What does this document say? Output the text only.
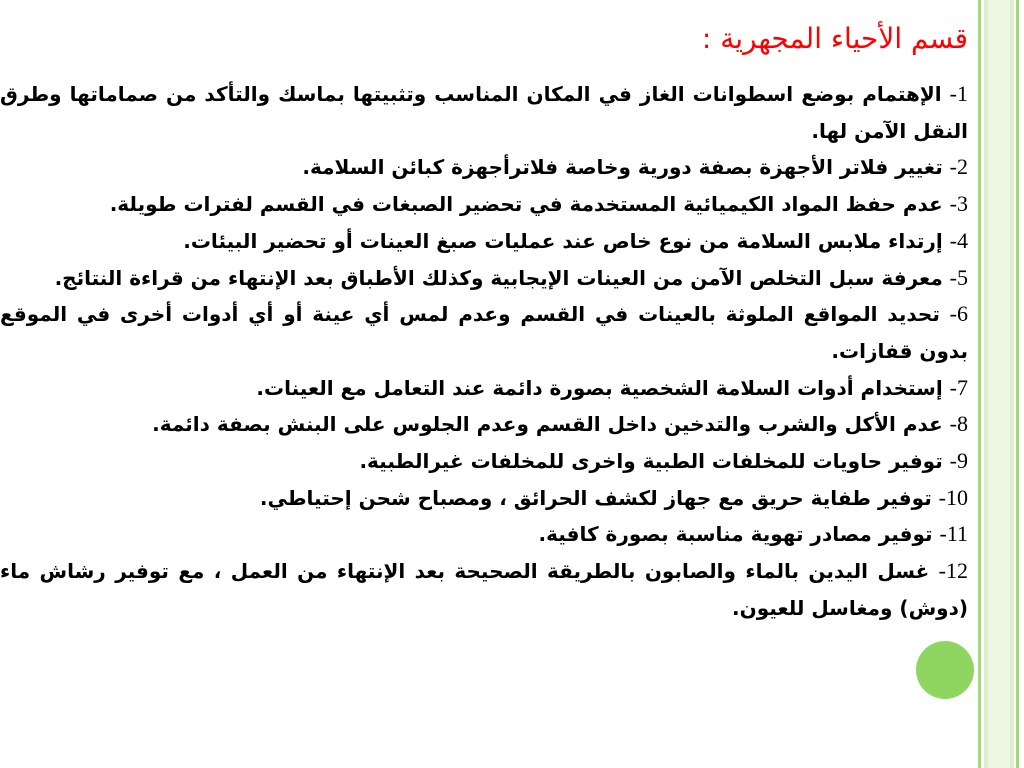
قسم الأحياء المجهرية :

1- الإهتمام بوضع اسطوانات الغاز في المكان المناسب وتثبيتها بماسك والتأكد من صماماتها وطرق النقل الآمن لها.

2- تغيير فلاتر الأجهزة بصفة دورية وخاصة فلاترأجهزة كبائن السلامة.

3- عدم حفظ المواد الكيميائية المستخدمة في تحضير الصبغات في القسم لفترات طويلة.

4- إرتداء ملابس السلامة من نوع خاص عند عمليات صبغ العينات أو تحضير البيئات.

5- معرفة سبل التخلص الآمن من العينات الإيجابية وكذلك الأطباق بعد الإنتهاء من قراءة النتائج.

6- تحديد المواقع الملوثة بالعينات في القسم وعدم لمس أي عينة أو أي أدوات أخرى في الموقع بدون قفازات.

7- إستخدام أدوات السلامة الشخصية بصورة دائمة عند التعامل مع العينات.

8- عدم الأكل والشرب والتدخين داخل القسم وعدم الجلوس على البنش بصفة دائمة.

9- توفير حاويات للمخلفات الطبية واخرى للمخلفات غيرالطبية.

10- توفير طفاية حريق مع جهاز لكشف الحرائق ، ومصباح شحن إحتياطي.

11- توفير مصادر تهوية مناسبة بصورة كافية.

12- غسل اليدين بالماء والصابون بالطريقة الصحيحة بعد الإنتهاء من العمل ، مع توفير رشاش ماء (دوش) ومغاسل للعيون.
